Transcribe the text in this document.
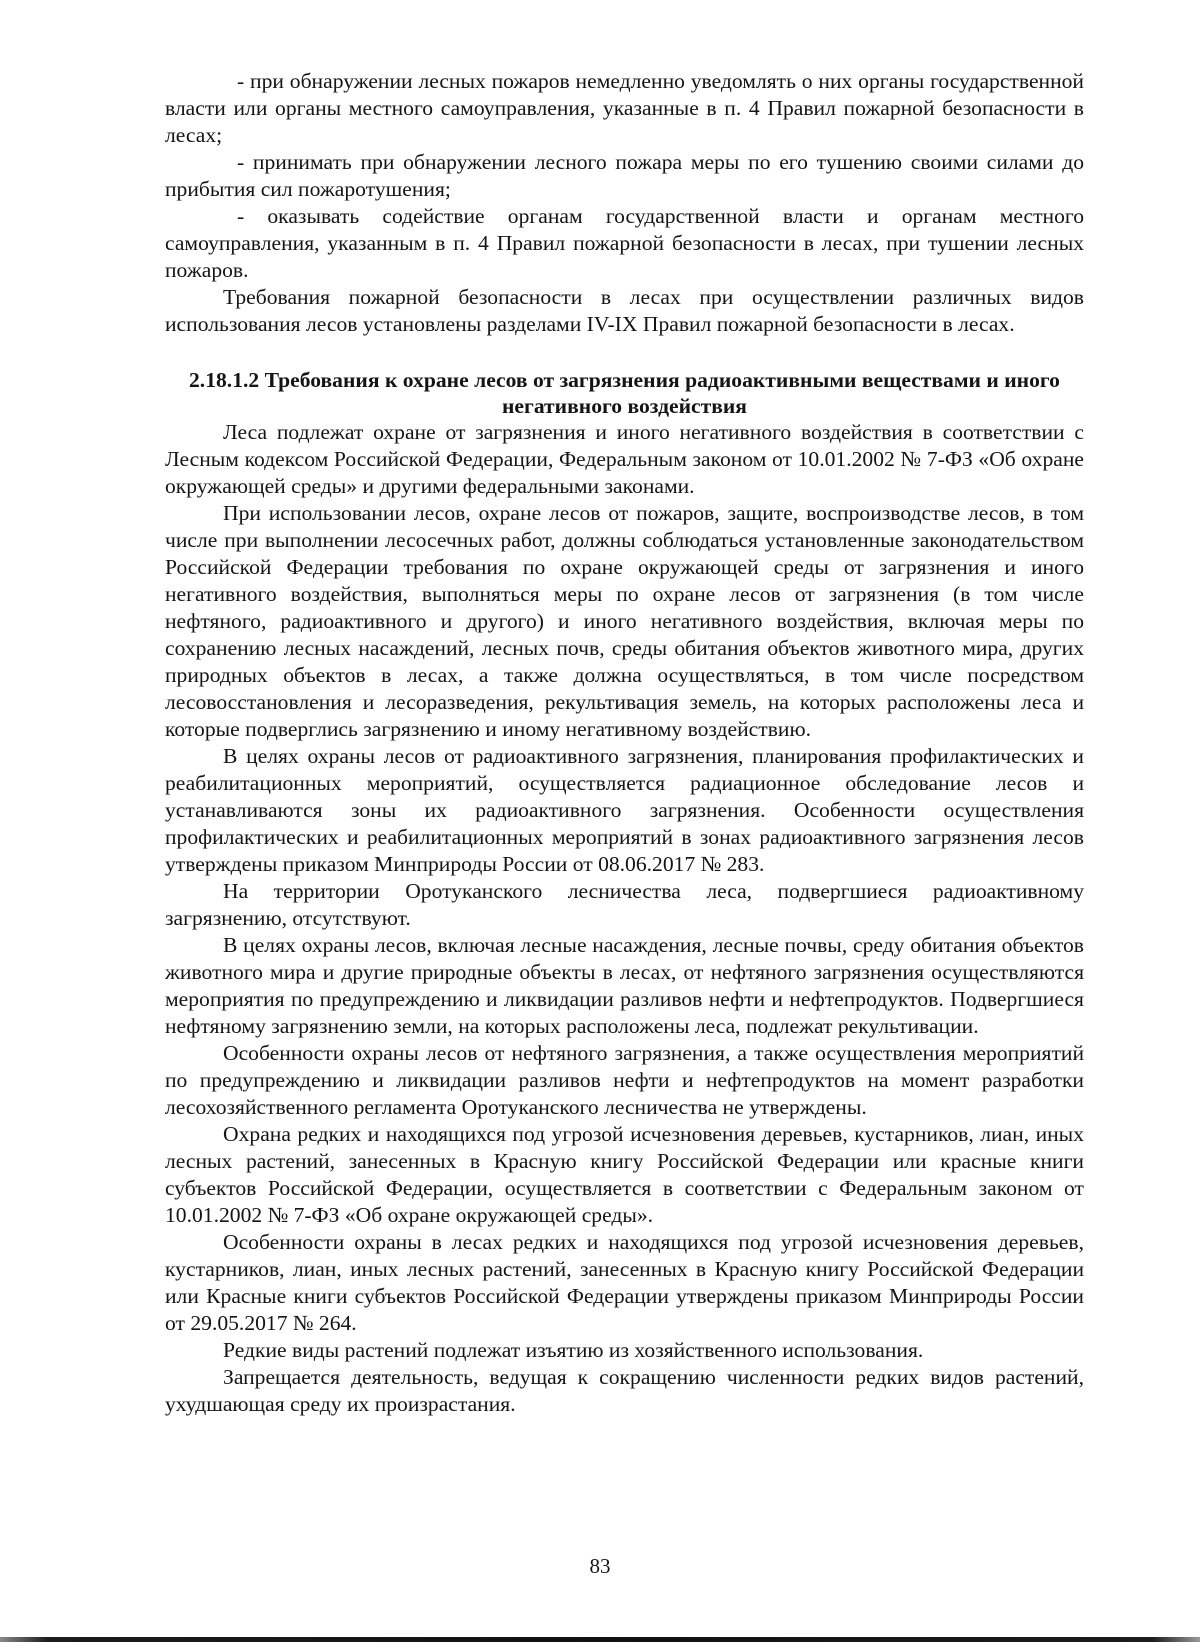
- при обнаружении лесных пожаров немедленно уведомлять о них органы государственной власти или органы местного самоуправления, указанные в п. 4 Правил пожарной безопасности в лесах;

- принимать при обнаружении лесного пожара меры по его тушению своими силами до прибытия сил пожаротушения;

- оказывать содействие органам государственной власти и органам местного самоуправления, указанным в п. 4 Правил пожарной безопасности в лесах, при тушении лесных пожаров.

Требования пожарной безопасности в лесах при осуществлении различных видов использования лесов установлены разделами IV-IX Правил пожарной безопасности в лесах.

2.18.1.2 Требования к охране лесов от загрязнения радиоактивными веществами и иного негативного воздействия

Леса подлежат охране от загрязнения и иного негативного воздействия в соответствии с Лесным кодексом Российской Федерации, Федеральным законом от 10.01.2002 № 7-ФЗ «Об охране окружающей среды» и другими федеральными законами.

При использовании лесов, охране лесов от пожаров, защите, воспроизводстве лесов, в том числе при выполнении лесосечных работ, должны соблюдаться установленные законодательством Российской Федерации требования по охране окружающей среды от загрязнения и иного негативного воздействия, выполняться меры по охране лесов от загрязнения (в том числе нефтяного, радиоактивного и другого) и иного негативного воздействия, включая меры по сохранению лесных насаждений, лесных почв, среды обитания объектов животного мира, других природных объектов в лесах, а также должна осуществляться, в том числе посредством лесовосстановления и лесоразведения, рекультивация земель, на которых расположены леса и которые подверглись загрязнению и иному негативному воздействию.

В целях охраны лесов от радиоактивного загрязнения, планирования профилактических и реабилитационных мероприятий, осуществляется радиационное обследование лесов и устанавливаются зоны их радиоактивного загрязнения. Особенности осуществления профилактических и реабилитационных мероприятий в зонах радиоактивного загрязнения лесов утверждены приказом Минприроды России от 08.06.2017 № 283.

На территории Оротуканского лесничества леса, подвергшиеся радиоактивному загрязнению, отсутствуют.

В целях охраны лесов, включая лесные насаждения, лесные почвы, среду обитания объектов животного мира и другие природные объекты в лесах, от нефтяного загрязнения осуществляются мероприятия по предупреждению и ликвидации разливов нефти и нефтепродуктов. Подвергшиеся нефтяному загрязнению земли, на которых расположены леса, подлежат рекультивации.

Особенности охраны лесов от нефтяного загрязнения, а также осуществления мероприятий по предупреждению и ликвидации разливов нефти и нефтепродуктов на момент разработки лесохозяйственного регламента Оротуканского лесничества не утверждены.

Охрана редких и находящихся под угрозой исчезновения деревьев, кустарников, лиан, иных лесных растений, занесенных в Красную книгу Российской Федерации или красные книги субъектов Российской Федерации, осуществляется в соответствии с Федеральным законом от 10.01.2002 № 7-ФЗ «Об охране окружающей среды».

Особенности охраны в лесах редких и находящихся под угрозой исчезновения деревьев, кустарников, лиан, иных лесных растений, занесенных в Красную книгу Российской Федерации или Красные книги субъектов Российской Федерации утверждены приказом Минприроды России от 29.05.2017 № 264.

Редкие виды растений подлежат изъятию из хозяйственного использования.

Запрещается деятельность, ведущая к сокращению численности редких видов растений, ухудшающая среду их произрастания.

83
